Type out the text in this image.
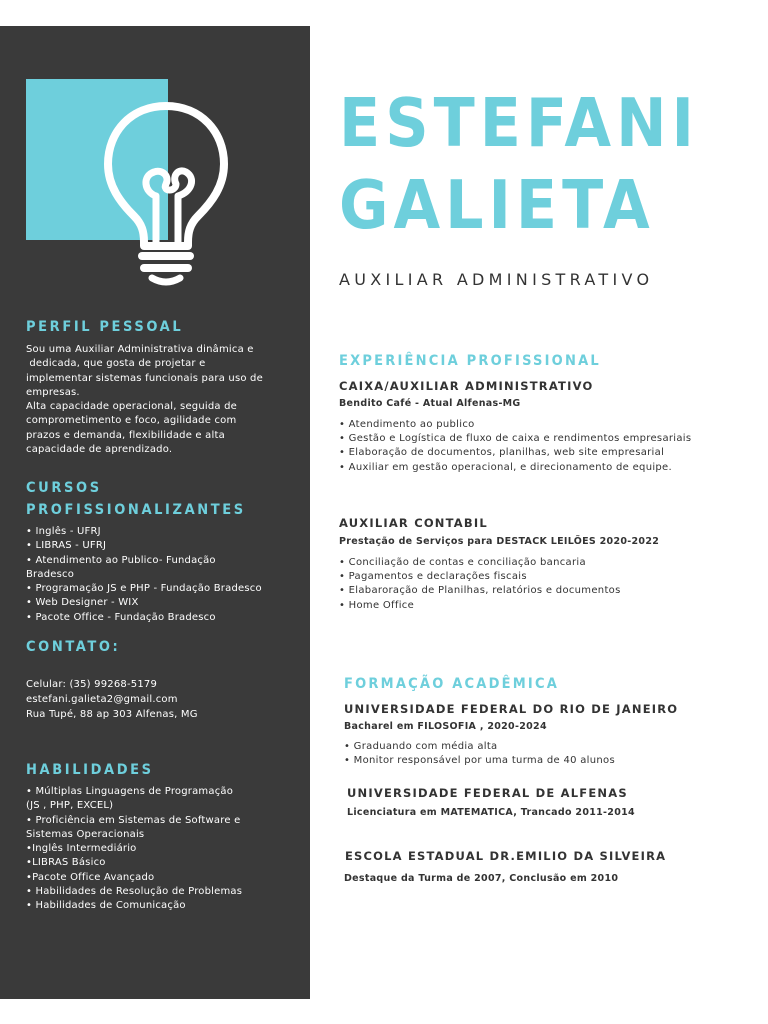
PERFIL PESSOAL
Sou uma Auxiliar Administrativa dinâmica e
dedicada, que gosta de projetar e
implementar sistemas funcionais para uso de
empresas.
Alta capacidade operacional, seguida de
comprometimento e foco, agilidade com
prazos e demanda, flexibilidade e alta
capacidade de aprendizado.
CURSOS
PROFISSIONALIZANTES
• Inglês - UFRJ
• LIBRAS - UFRJ
• Atendimento ao Publico- Fundação
Bradesco
• Programação JS e PHP - Fundação Bradesco
• Web Designer - WIX
• Pacote Office - Fundação Bradesco
CONTATO:
Celular: (35) 99268-5179
estefani.galieta2@gmail.com
Rua Tupé, 88 ap 303 Alfenas, MG
HABILIDADES
• Múltiplas Linguagens de Programação
(JS , PHP, EXCEL)
• Proficiência em Sistemas de Software e
Sistemas Operacionais
•Inglês Intermediário
•LIBRAS Básico
•Pacote Office Avançado
• Habilidades de Resolução de Problemas
• Habilidades de Comunicação
ESTEFANI
GALIETA
AUXILIAR ADMINISTRATIVO
EXPERIÊNCIA PROFISSIONAL
CAIXA/AUXILIAR ADMINISTRATIVO
Bendito Café - Atual Alfenas-MG
• Atendimento ao publico
• Gestão e Logística de fluxo de caixa e rendimentos empresariais
• Elaboração de documentos, planilhas, web site empresarial
• Auxiliar em gestão operacional, e direcionamento de equipe.
AUXILIAR CONTABIL
Prestação de Serviços para DESTACK LEILÕES 2020-2022
• Conciliação de contas e conciliação bancaria
• Pagamentos e declarações fiscais
• Elabaroração de Planilhas, relatórios e documentos
• Home Office
FORMAÇÃO ACADÊMICA
UNIVERSIDADE FEDERAL DO RIO DE JANEIRO
Bacharel em FILOSOFIA , 2020-2024
• Graduando com média alta
• Monitor responsável por uma turma de 40 alunos
UNIVERSIDADE FEDERAL DE ALFENAS
Licenciatura em MATEMATICA, Trancado 2011-2014
ESCOLA ESTADUAL DR.EMILIO DA SILVEIRA
Destaque da Turma de 2007, Conclusão em 2010
